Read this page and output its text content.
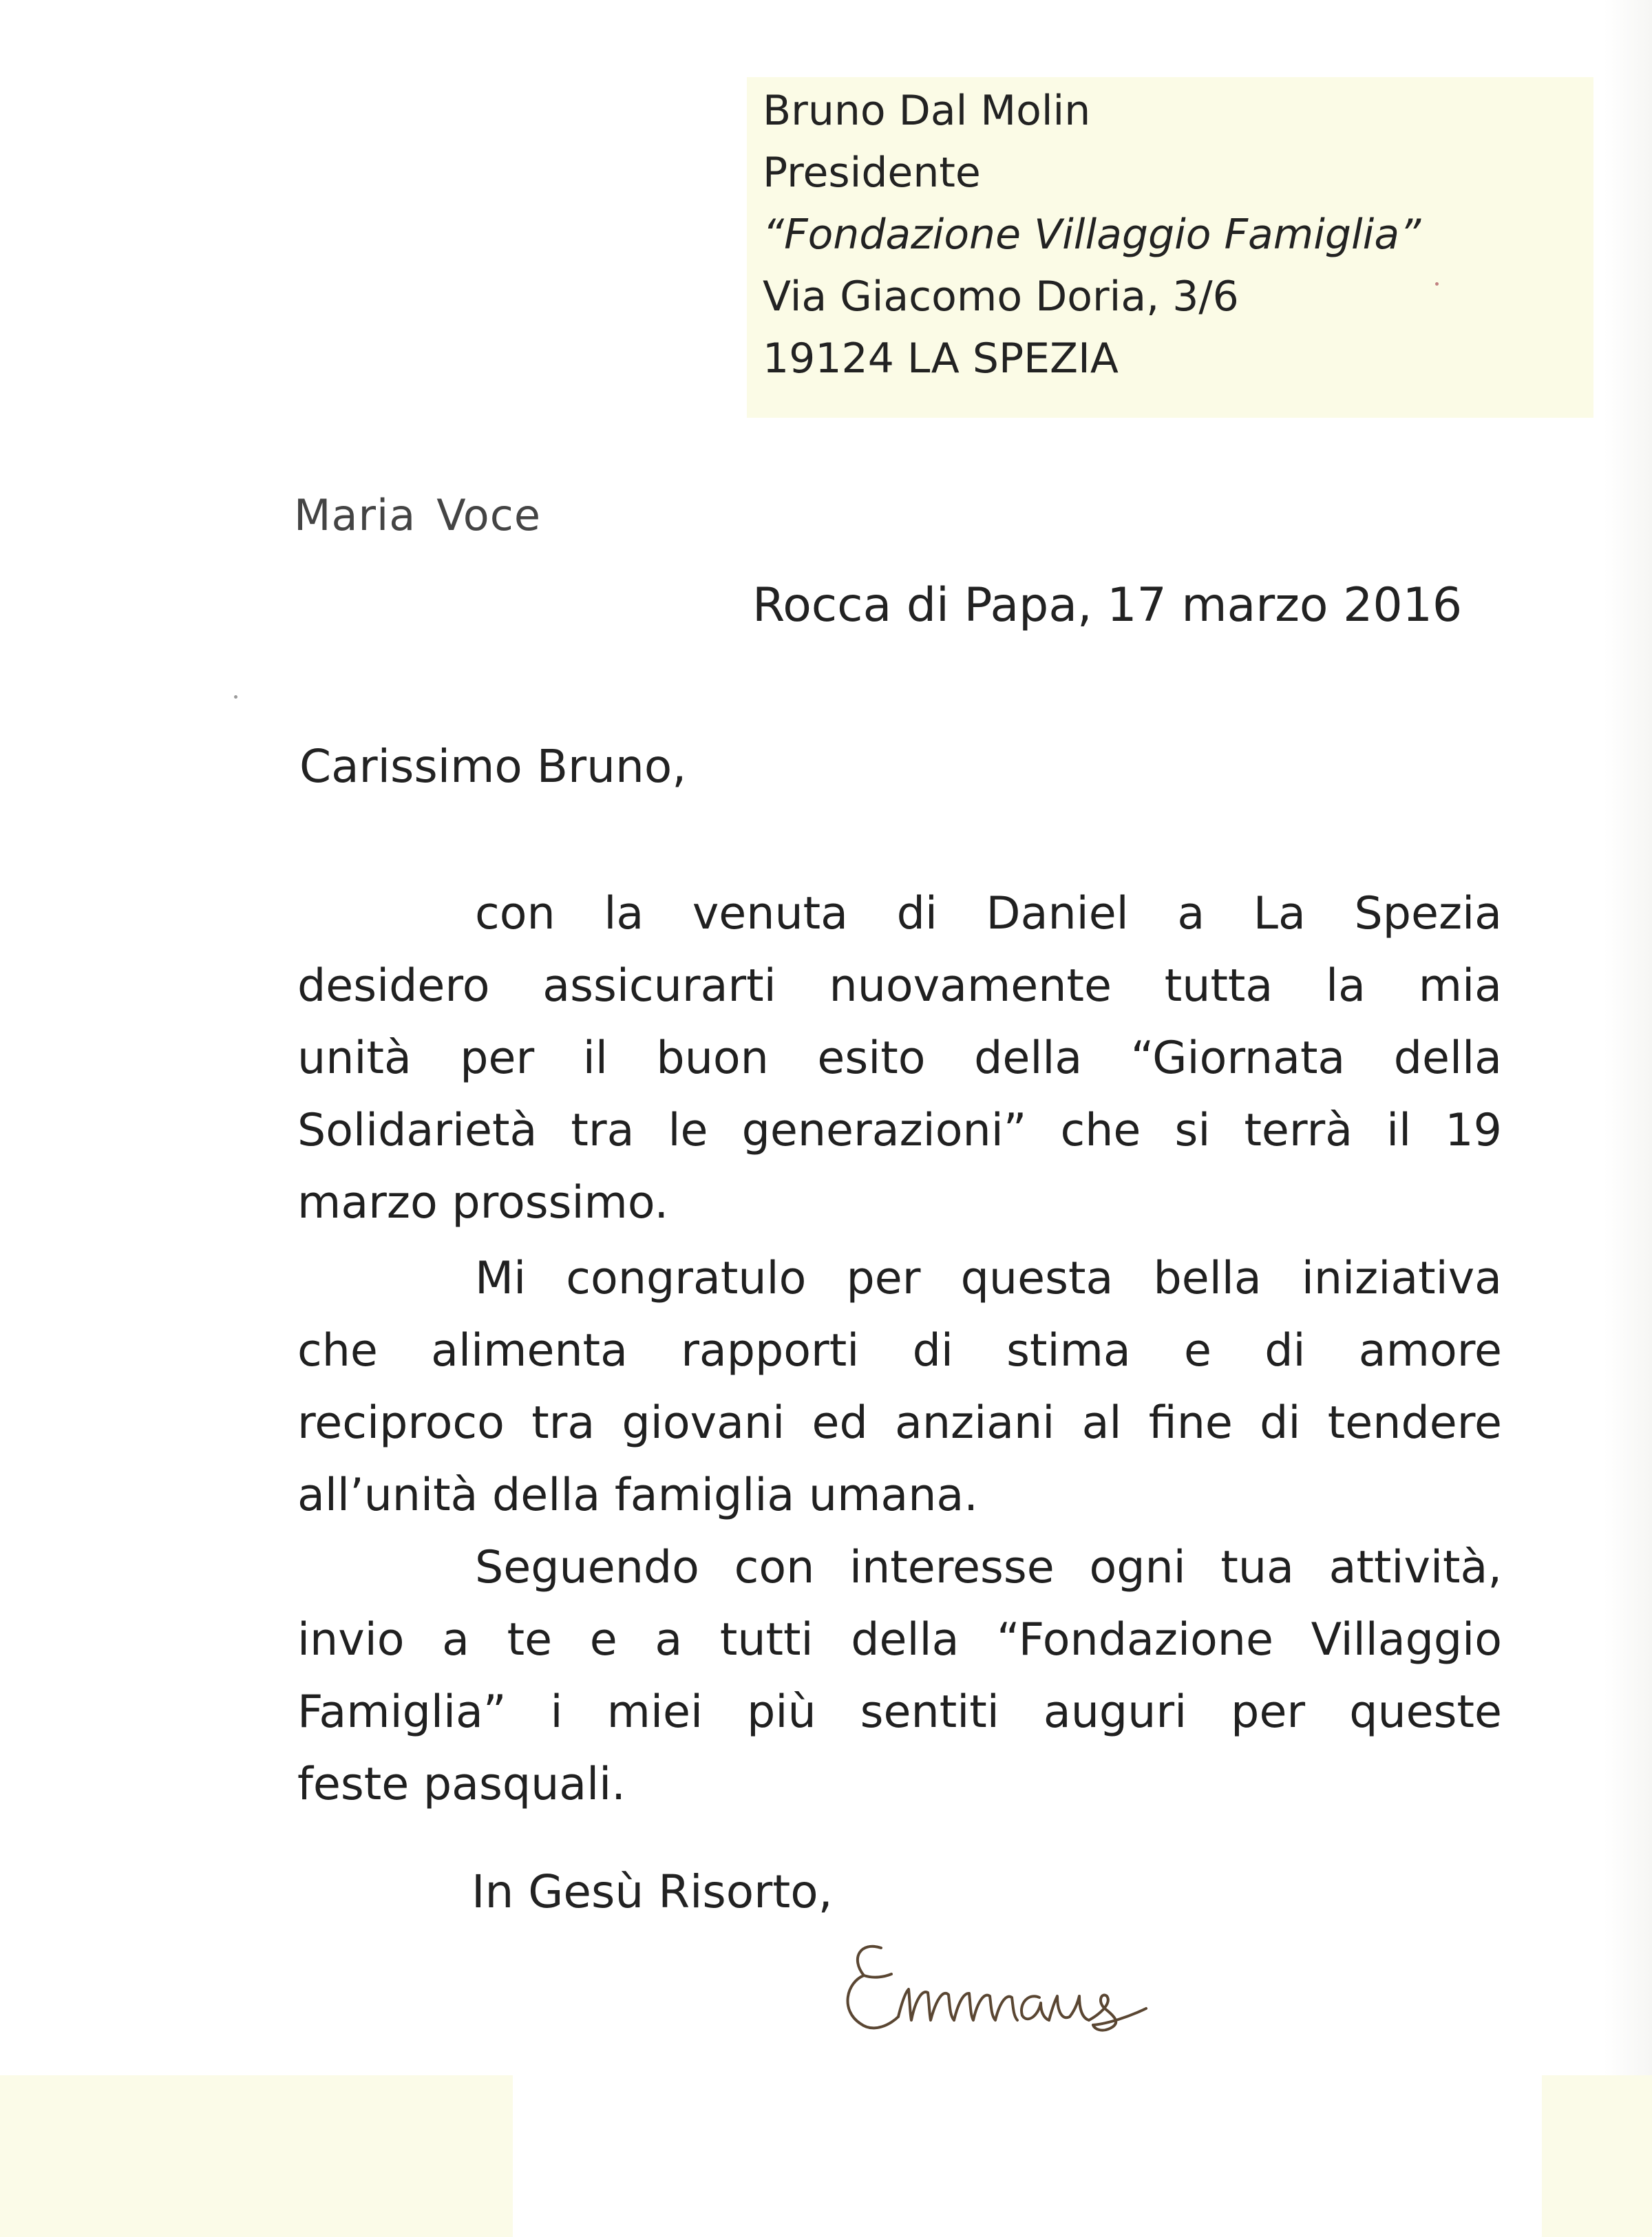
Bruno Dal Molin
Presidente
“Fondazione Villaggio Famiglia”
Via Giacomo Doria, 3/6
19124 LA SPEZIA
Maria Voce
Rocca di Papa, 17 marzo 2016
Carissimo Bruno,
con la venuta di Daniel a La Spezia
desidero assicurarti nuovamente tutta la mia
unità per il buon esito della “Giornata della
Solidarietà tra le generazioni” che si terrà il 19
marzo prossimo.
Mi congratulo per questa bella iniziativa
che alimenta rapporti di stima e di amore
reciproco tra giovani ed anziani al fine di tendere
all’unità della famiglia umana.
Seguendo con interesse ogni tua attività,
invio a te e a tutti della “Fondazione Villaggio
Famiglia” i miei più sentiti auguri per queste
feste pasquali.
In Gesù Risorto,
